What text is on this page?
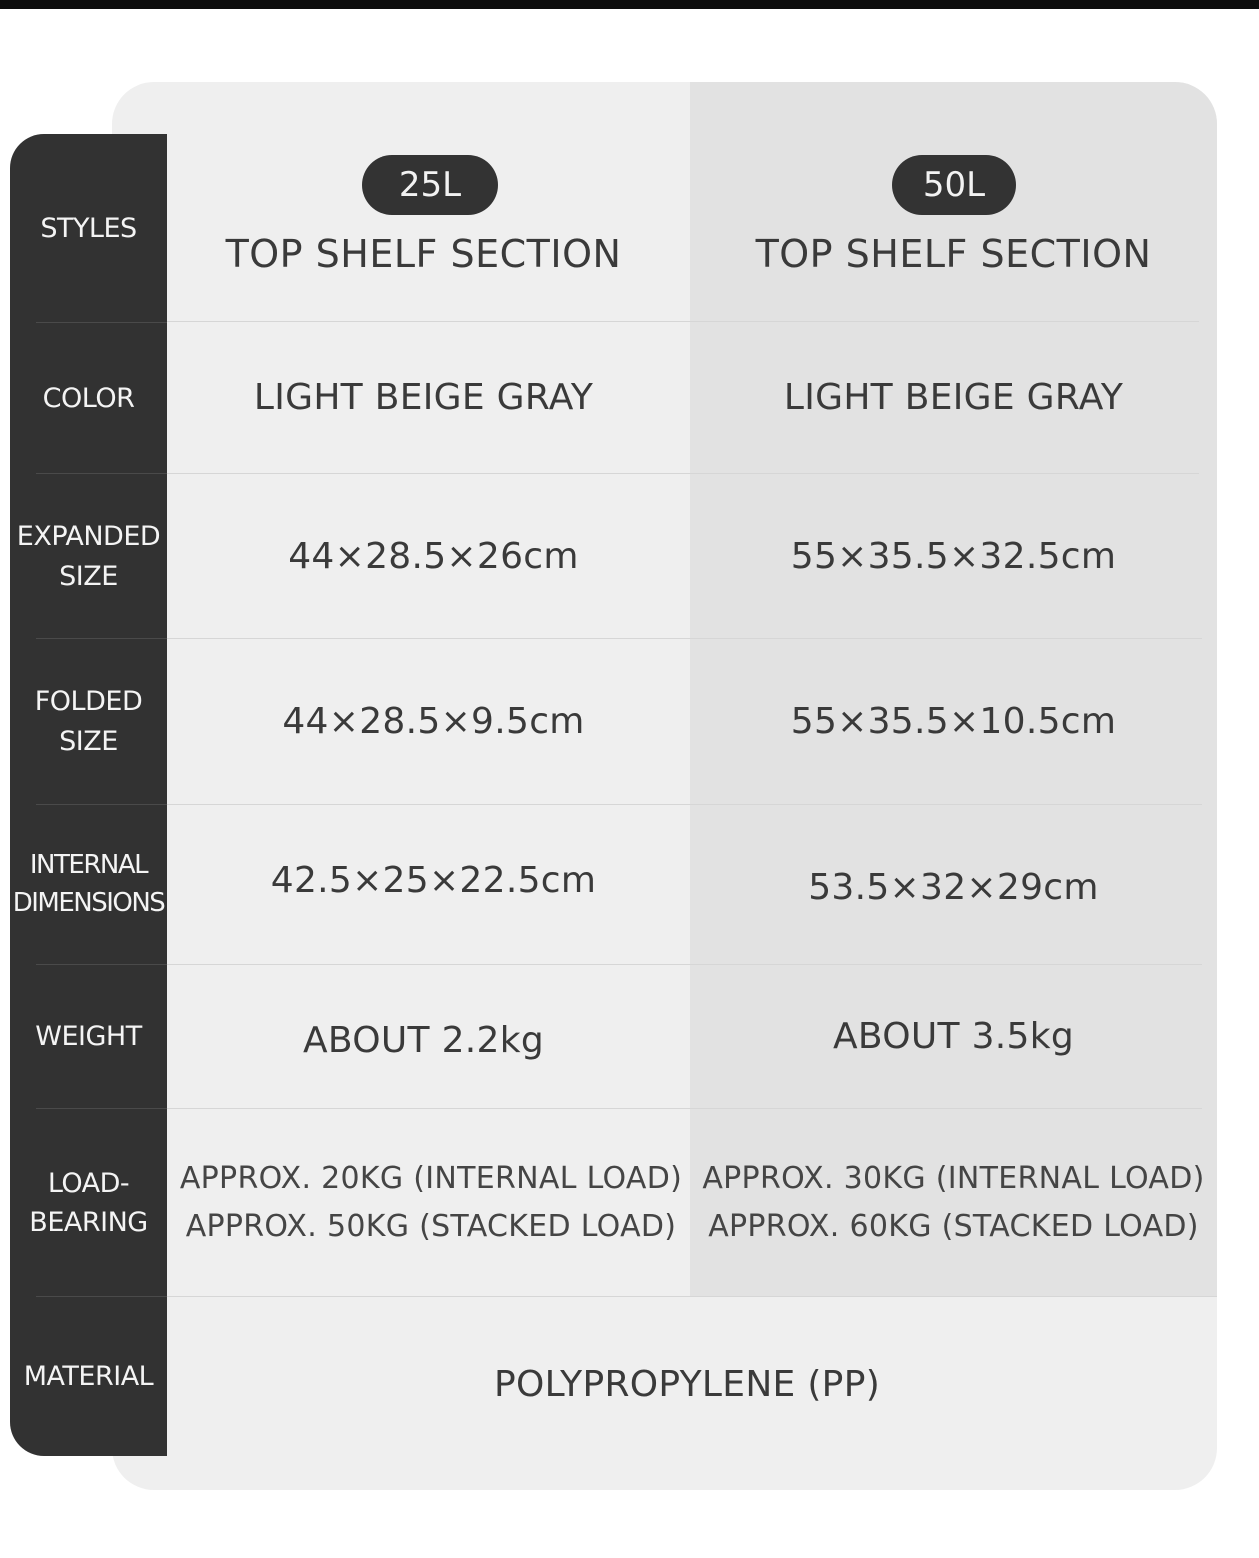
25L
TOP SHELF SECTION
LIGHT BEIGE GRAY
44×28.5×26cm
44×28.5×9.5cm
42.5×25×22.5cm
ABOUT 2.2kg
APPROX. 20KG (INTERNAL LOAD)
APPROX. 50KG (STACKED LOAD)
50L
TOP SHELF SECTION
LIGHT BEIGE GRAY
55×35.5×32.5cm
55×35.5×10.5cm
53.5×32×29cm
ABOUT 3.5kg
APPROX. 30KG (INTERNAL LOAD)
APPROX. 60KG (STACKED LOAD)
POLYPROPYLENE (PP)
STYLES
COLOR
EXPANDED
SIZE
FOLDED
SIZE
INTERNAL
DIMENSIONS
WEIGHT
LOAD-
BEARING
MATERIAL
